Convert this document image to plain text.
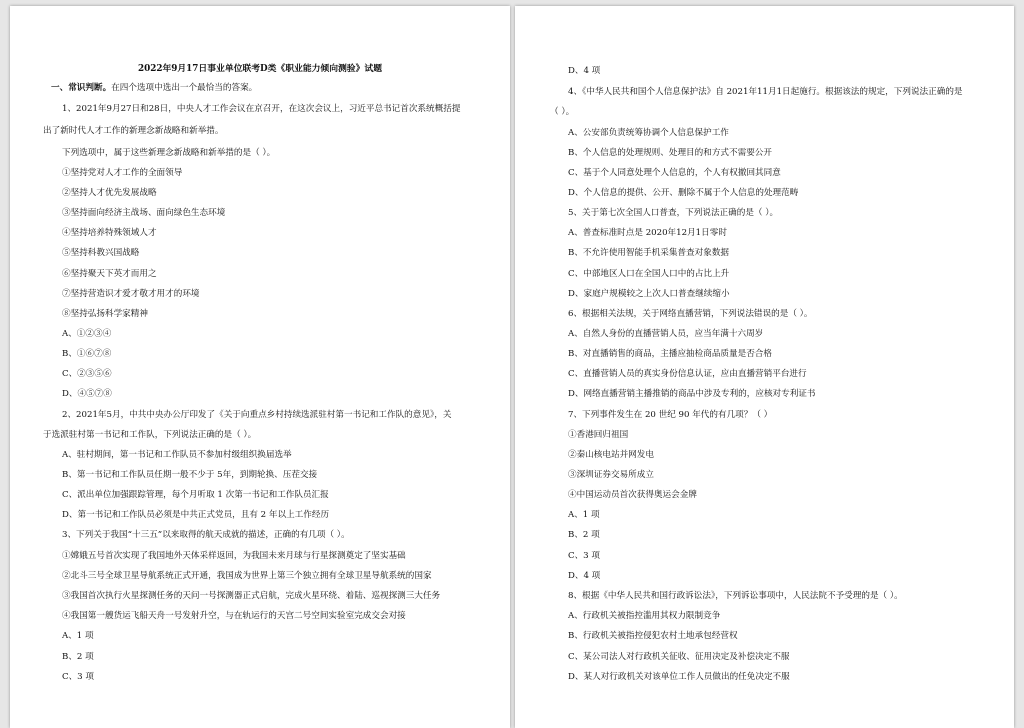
2022年9月17日事业单位联考D类《职业能力倾向测验》试题
一、常识判断。在四个选项中选出一个最恰当的答案。
1、2021年9月27日和28日，中央人才工作会议在京召开，在这次会议上，习近平总书记首次系统概括提
出了新时代人才工作的新理念新战略和新举措。
下列选项中，属于这些新理念新战略和新举措的是（ ）。
①坚持党对人才工作的全面领导
②坚持人才优先发展战略
③坚持面向经济主战场、面向绿色生态环境
④坚持培养特殊领域人才
⑤坚持科教兴国战略
⑥坚持聚天下英才而用之
⑦坚持营造识才爱才敬才用才的环境
⑧坚持弘扬科学家精神
A、①②③④
B、①⑥⑦⑧
C、②③⑤⑥
D、④⑤⑦⑧
2、2021年5月，中共中央办公厅印发了《关于向重点乡村持续选派驻村第一书记和工作队的意见》，关
于选派驻村第一书记和工作队，下列说法正确的是（ ）。
A、驻村期间，第一书记和工作队员不参加村级组织换届选举
B、第一书记和工作队员任期一般不少于 5年，到期轮换、压茬交接
C、派出单位加强跟踪管理，每个月听取 1 次第一书记和工作队员汇报
D、第一书记和工作队员必须是中共正式党员，且有 2 年以上工作经历
3、下列关于我国“十三五”以来取得的航天成就的描述，正确的有几项（ ）。
①嫦娥五号首次实现了我国地外天体采样返回，为我国未来月球与行星探测奠定了坚实基础
②北斗三号全球卫星导航系统正式开通，我国成为世界上第三个独立拥有全球卫星导航系统的国家
③我国首次执行火星探测任务的天问一号探测器正式启航，完成火星环绕、着陆、巡视探测三大任务
④我国第一艘货运飞船天舟一号发射升空，与在轨运行的天宫二号空间实验室完成交会对接
A、1 项
B、2 项
C、3 项
D、4 项
4、《中华人民共和国个人信息保护法》自 2021年11月1日起施行。根据该法的规定，下列说法正确的是
（ ）。
A、公安部负责统筹协调个人信息保护工作
B、个人信息的处理规则、处理目的和方式不需要公开
C、基于个人同意处理个人信息的，个人有权撤回其同意
D、个人信息的提供、公开、删除不属于个人信息的处理范畴
5、关于第七次全国人口普查，下列说法正确的是（ ）。
A、普查标准时点是 2020年12月1日零时
B、不允许使用智能手机采集普查对象数据
C、中部地区人口在全国人口中的占比上升
D、家庭户规模较之上次人口普查继续缩小
6、根据相关法规，关于网络直播营销，下列说法错误的是（ ）。
A、自然人身份的直播营销人员，应当年满十六周岁
B、对直播销售的商品，主播应抽检商品质量是否合格
C、直播营销人员的真实身份信息认证，应由直播营销平台进行
D、网络直播营销主播推销的商品中涉及专利的，应核对专利证书
7、下列事件发生在 20 世纪 90 年代的有几项？（ ）
①香港回归祖国
②秦山核电站并网发电
③深圳证券交易所成立
④中国运动员首次获得奥运会金牌
A、1 项
B、2 项
C、3 项
D、4 项
8、根据《中华人民共和国行政诉讼法》，下列诉讼事项中，人民法院不予受理的是（ ）。
A、行政机关被指控滥用其权力限制竞争
B、行政机关被指控侵犯农村土地承包经营权
C、某公司法人对行政机关征收、征用决定及补偿决定不服
D、某人对行政机关对该单位工作人员做出的任免决定不服
